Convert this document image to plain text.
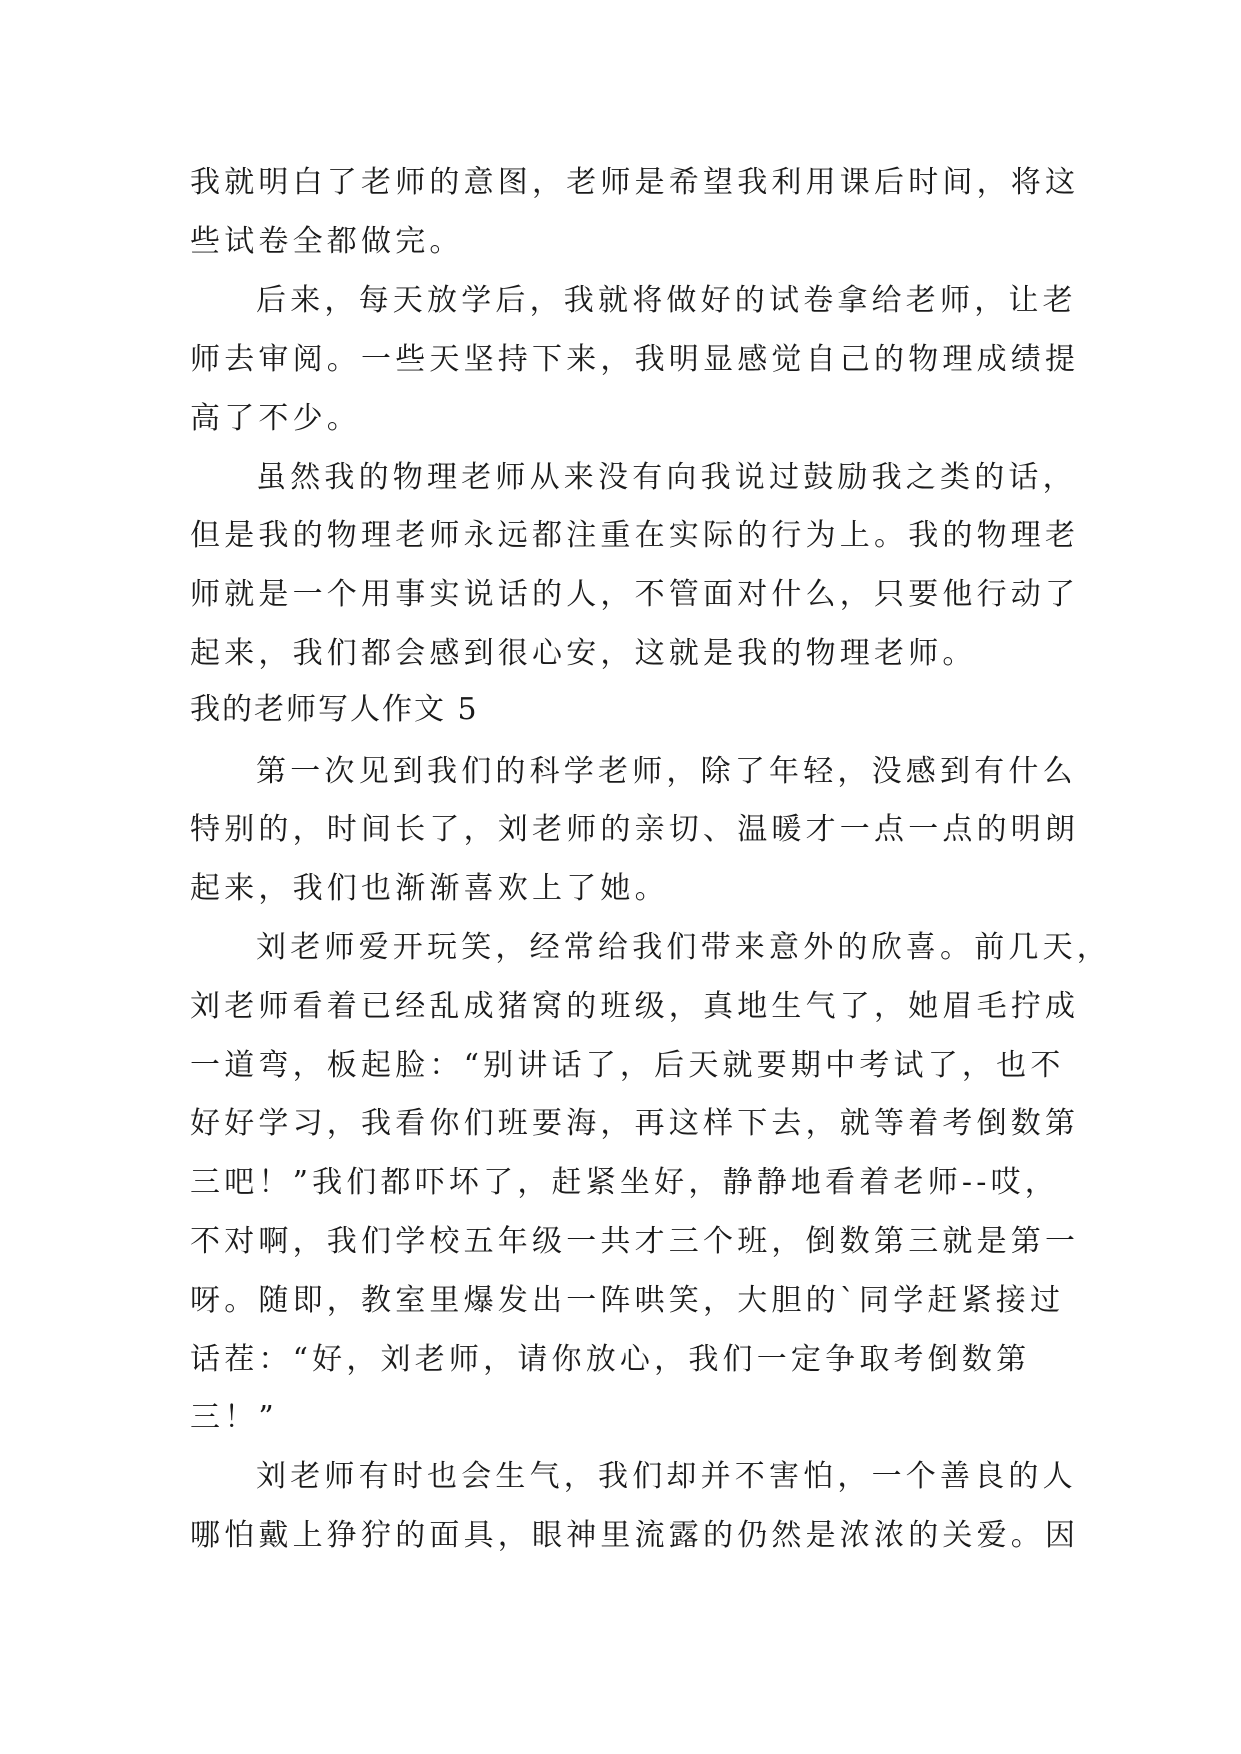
我就明白了老师的意图，老师是希望我利用课后时间，将这
些试卷全都做完。
后来，每天放学后，我就将做好的试卷拿给老师，让老
师去审阅。一些天坚持下来，我明显感觉自己的物理成绩提
高了不少。
虽然我的物理老师从来没有向我说过鼓励我之类的话，
但是我的物理老师永远都注重在实际的行为上。我的物理老
师就是一个用事实说话的人，不管面对什么，只要他行动了
起来，我们都会感到很心安，这就是我的物理老师。
我的老师写人作文 5
第一次见到我们的科学老师，除了年轻，没感到有什么
特别的，时间长了，刘老师的亲切、温暖才一点一点的明朗
起来，我们也渐渐喜欢上了她。
刘老师爱开玩笑，经常给我们带来意外的欣喜。前几天，
刘老师看着已经乱成猪窝的班级，真地生气了，她眉毛拧成
一道弯，板起脸：“别讲话了，后天就要期中考试了，也不
好好学习，我看你们班要海，再这样下去，就等着考倒数第
三吧！”我们都吓坏了，赶紧坐好，静静地看着老师--哎，
不对啊，我们学校五年级一共才三个班，倒数第三就是第一
呀。随即，教室里爆发出一阵哄笑，大胆的`同学赶紧接过
话茬：“好，刘老师，请你放心，我们一定争取考倒数第
三！”
刘老师有时也会生气，我们却并不害怕，一个善良的人
哪怕戴上狰狞的面具，眼神里流露的仍然是浓浓的关爱。因
